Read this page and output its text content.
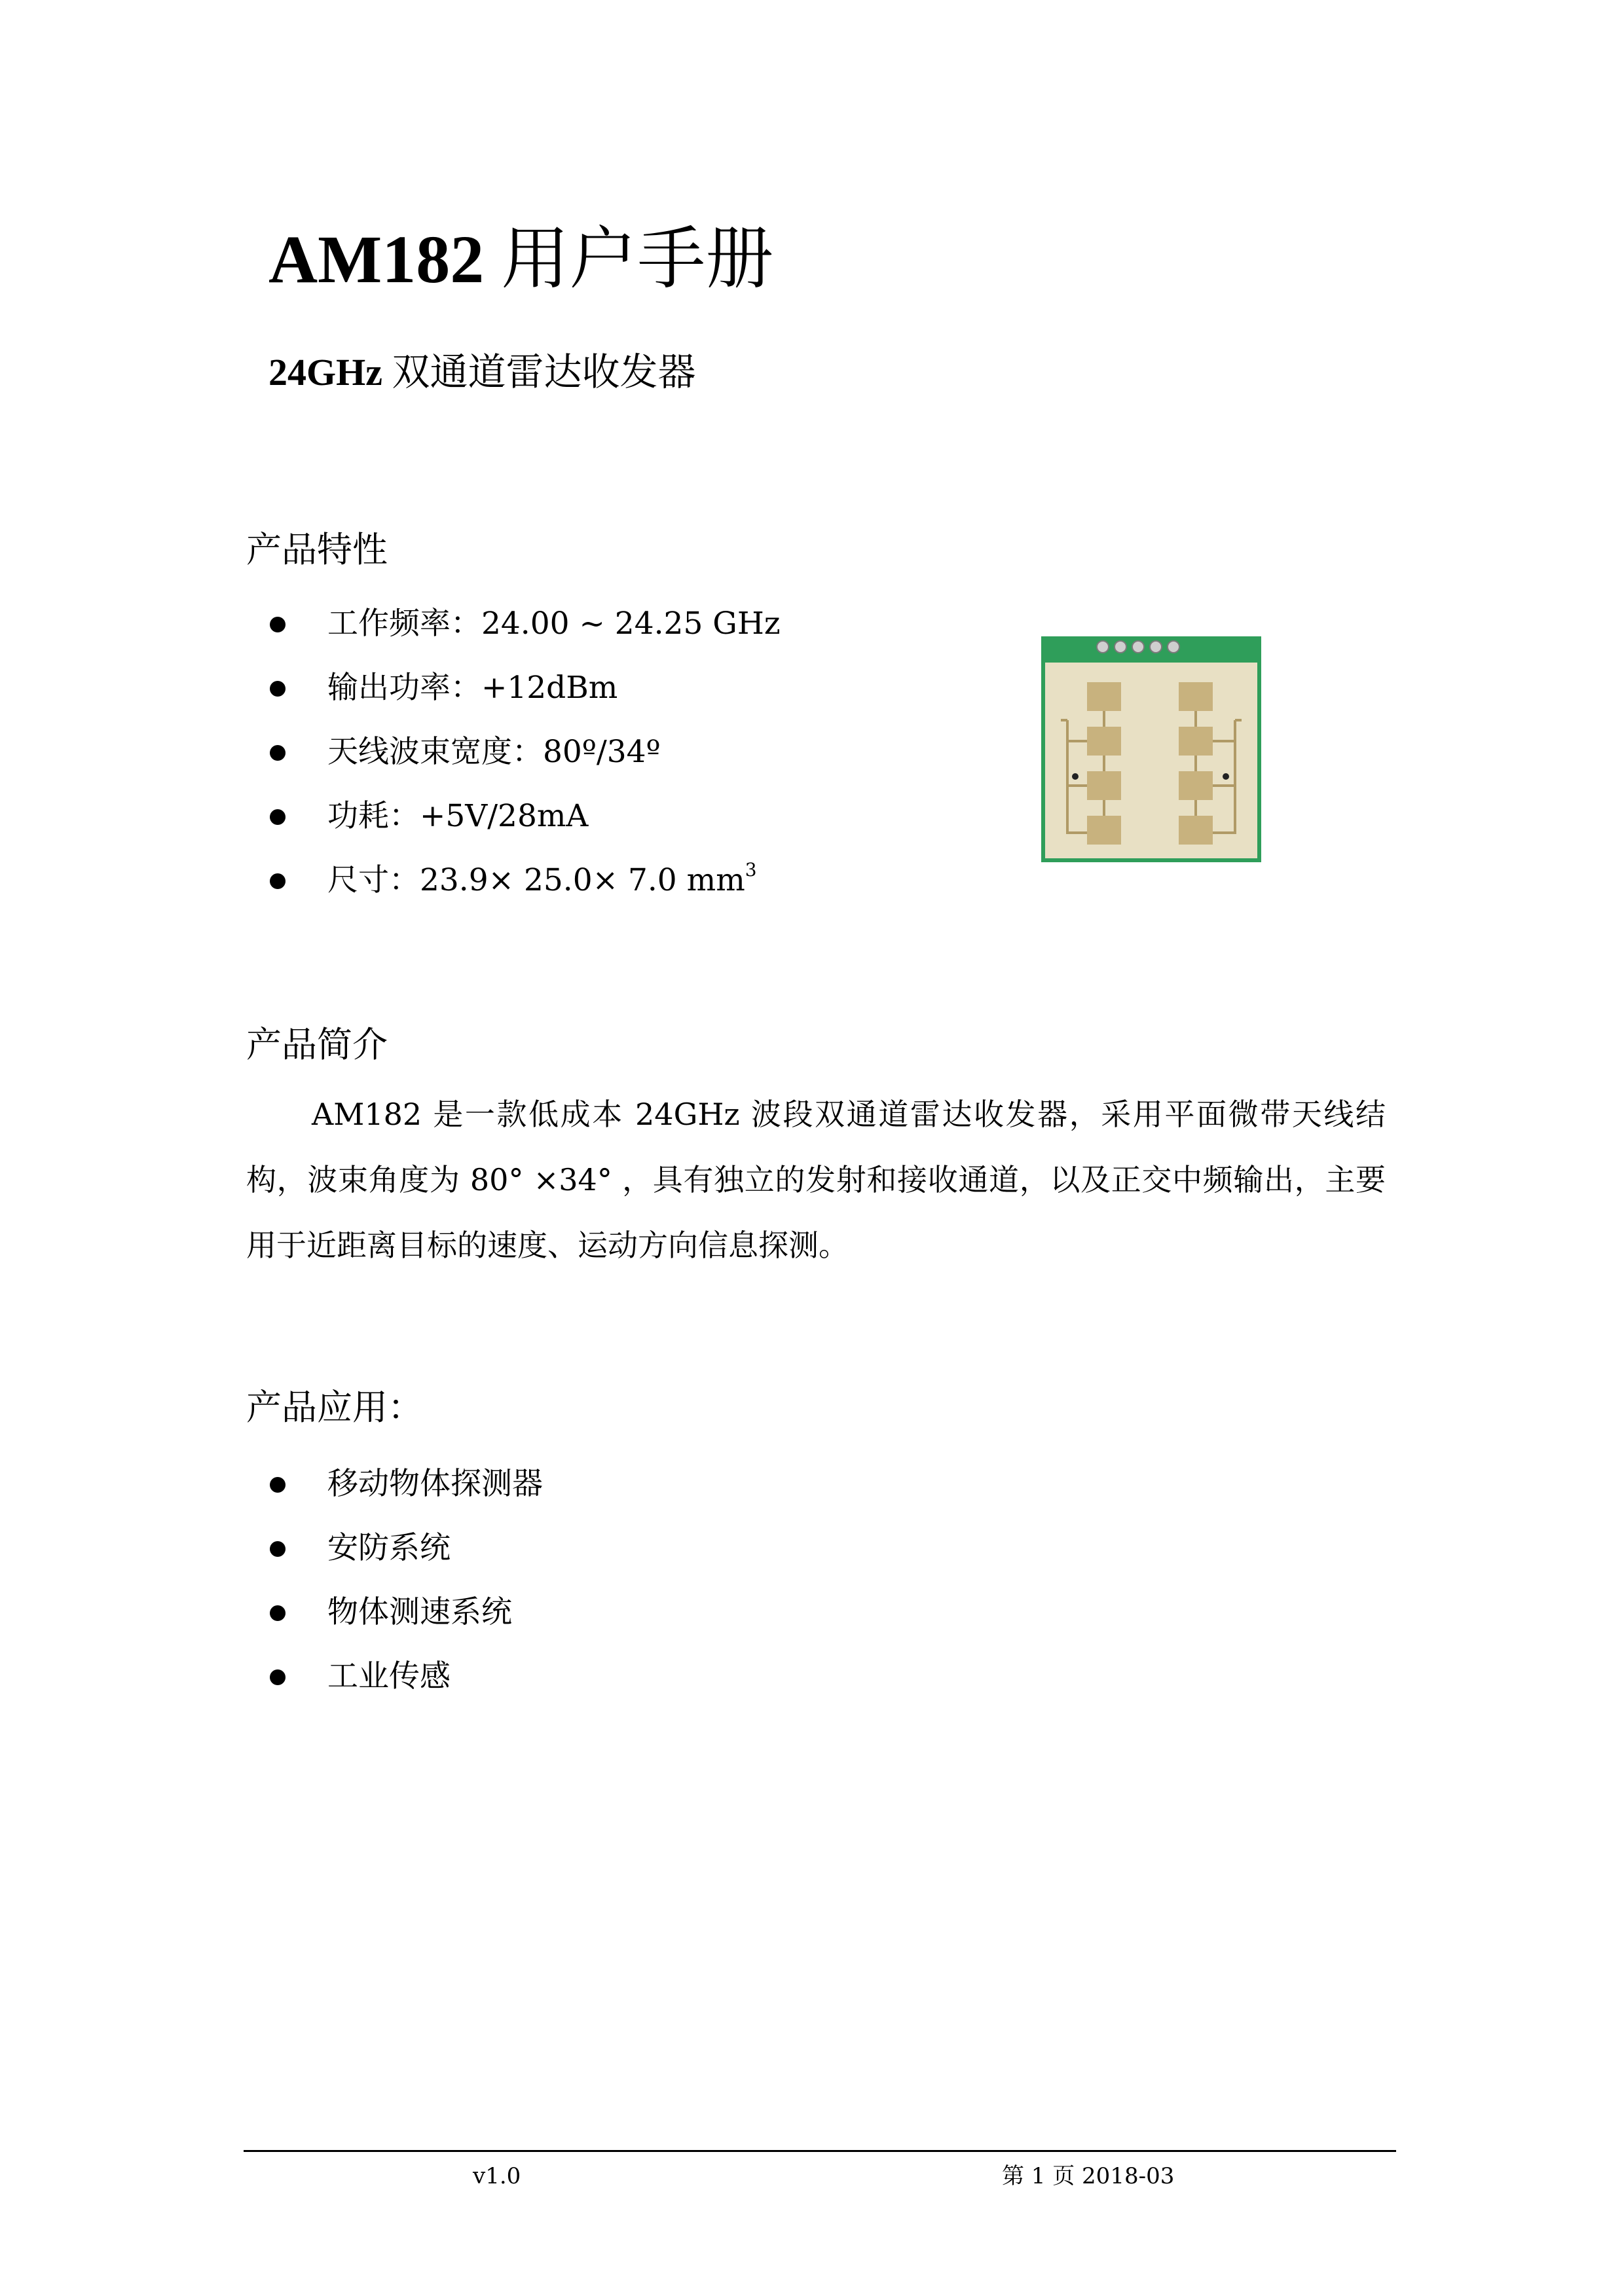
AM182 用户手册
24GHz 双通道雷达收发器
产品特性
工作频率：24.00 ~ 24.25 GHz
输出功率：+12dBm
天线波束宽度：80º/34º
功耗：+5V/28mA
尺寸：23.9× 25.0× 7.0 $mm^3$
产品简介

AM182 是一款低成本 24GHz 波段双通道雷达收发器，采用平面微带天线结构，波束角度为 80° ×34° ，具有独立的发射和接收通道，以及正交中频输出，主要用于近距离目标的速度、运动方向信息探测。

产品应用：
移动物体探测器
安防系统
物体测速系统
工业传感
v1.0	第 1 页 2018-03
